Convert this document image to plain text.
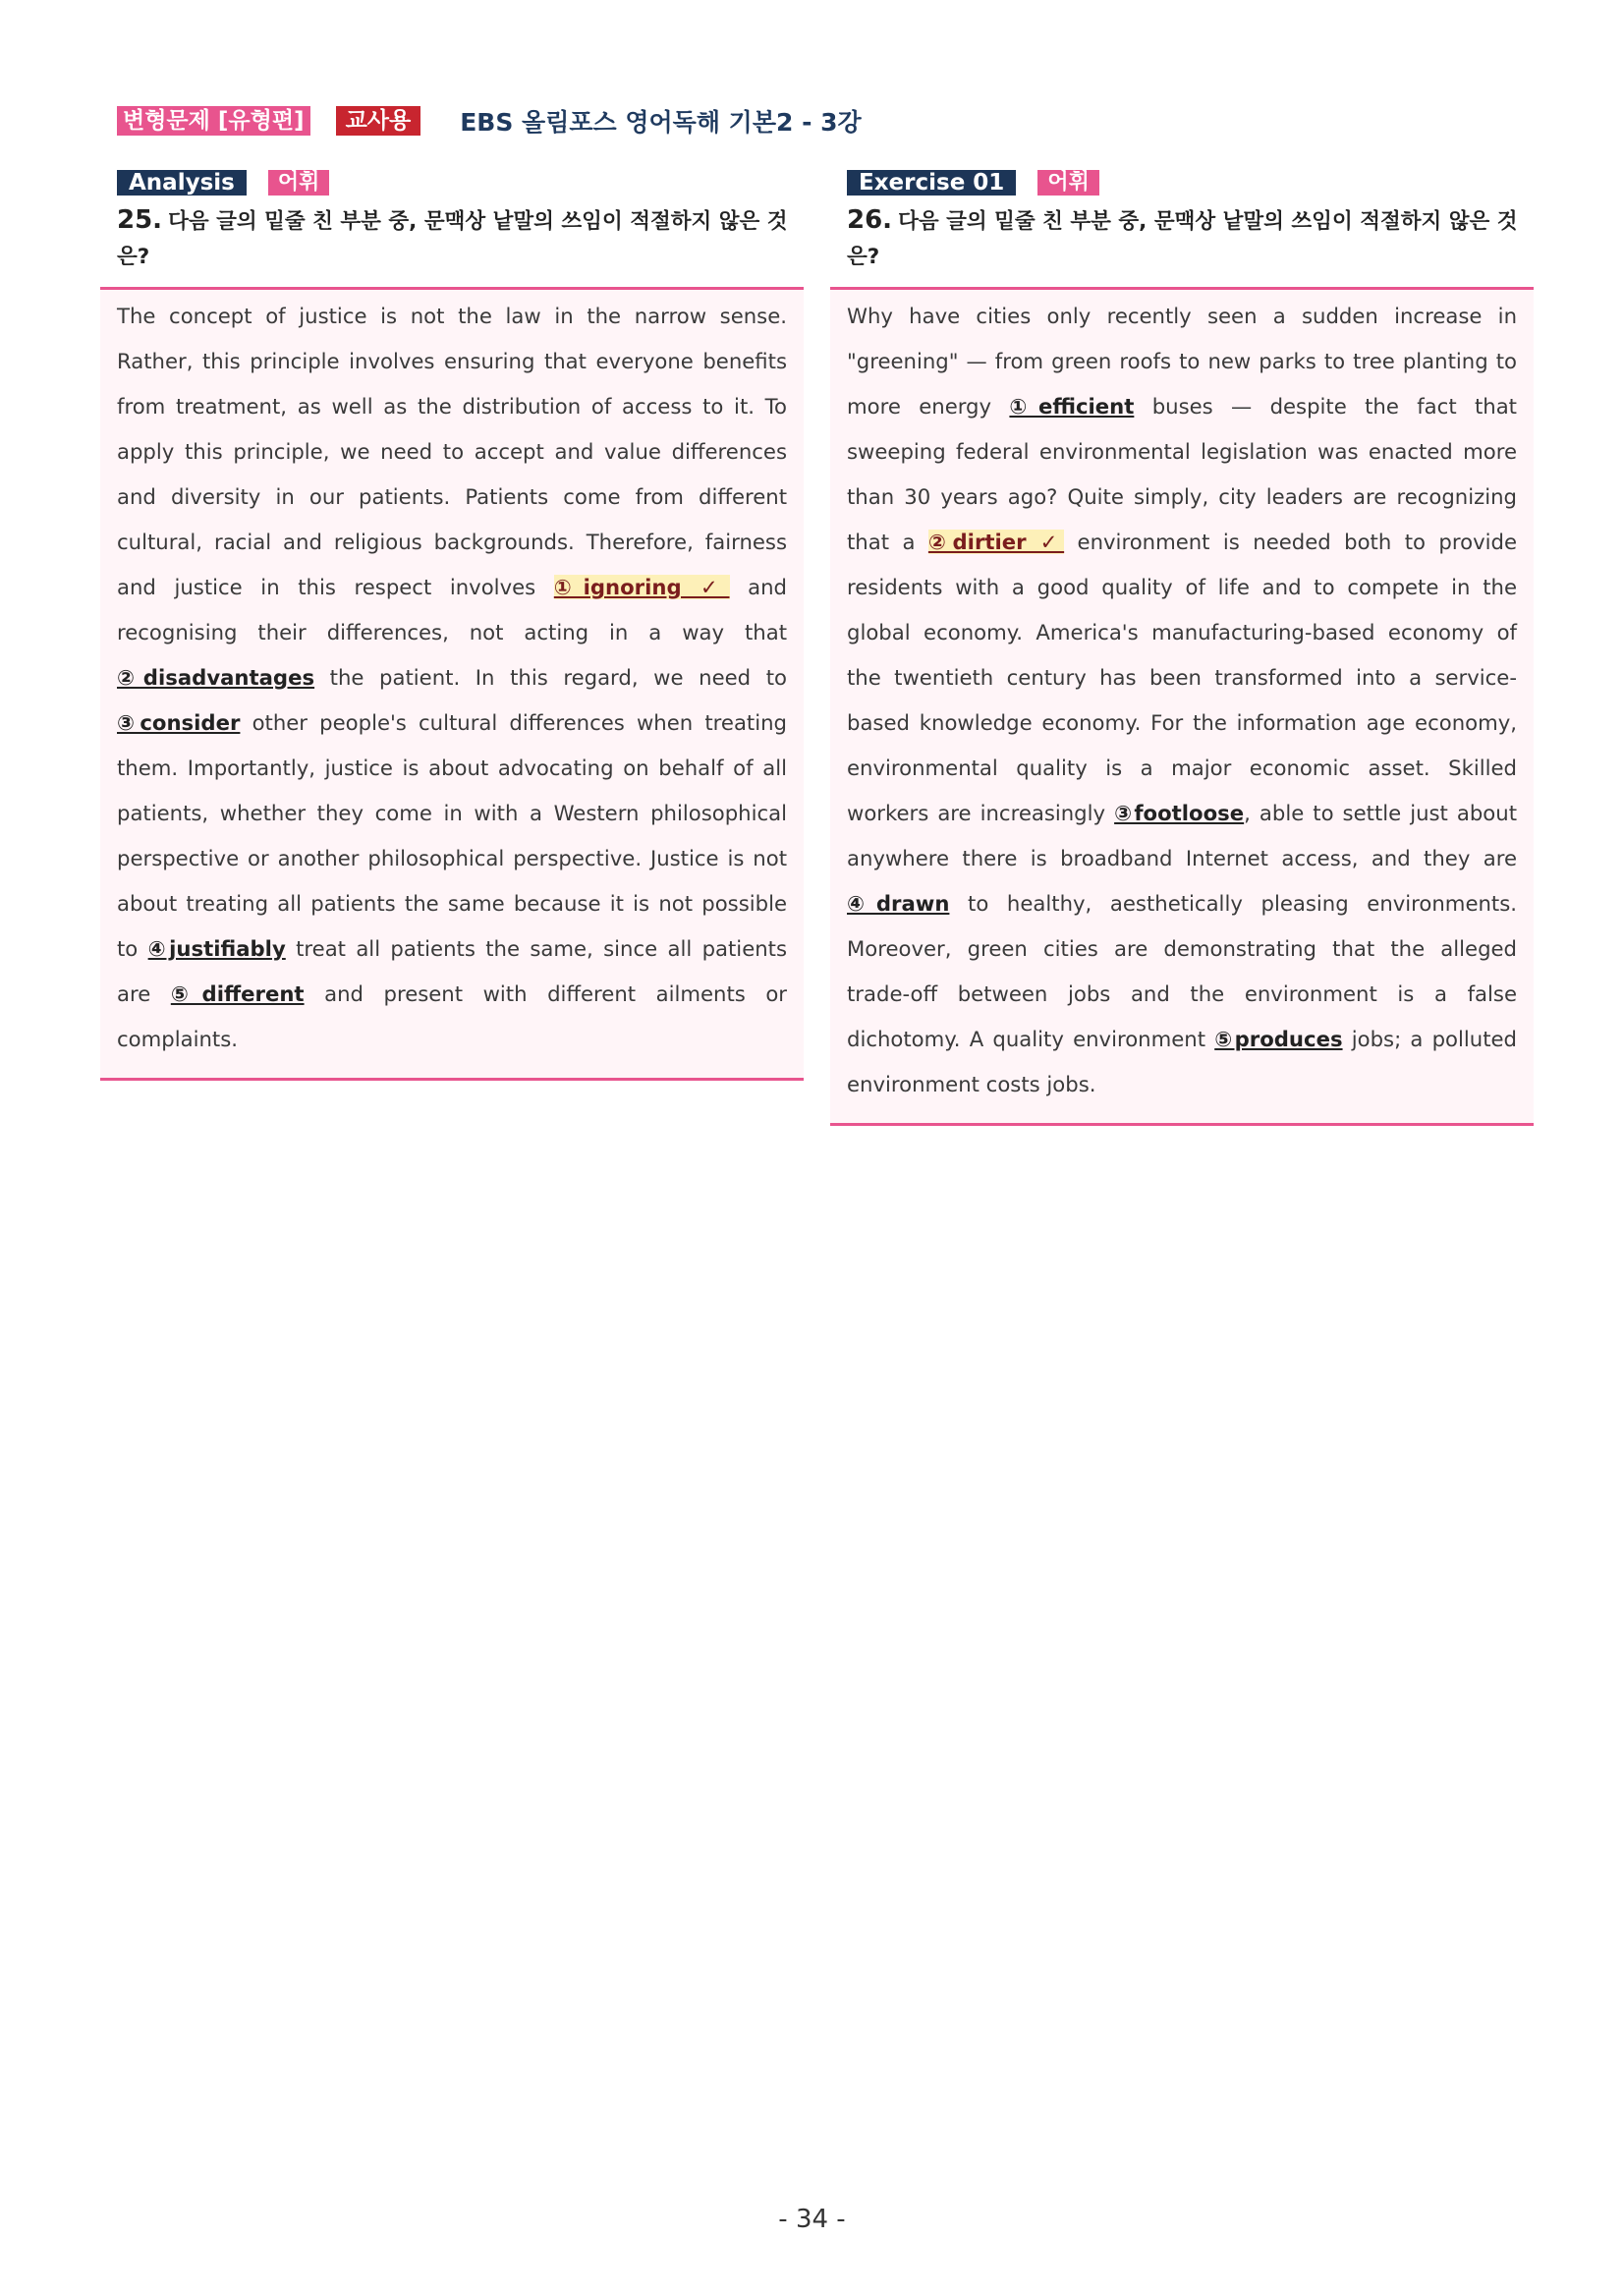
변형문제 [유형편]	교사용	EBS 올림포스 영어독해 기본2 - 3강
Analysis	어휘
25. 다음 글의 밑줄 친 부분 중, 문맥상 낱말의 쓰임이 적절하지 않은 것은?
The concept of justice is not the law in the narrow sense. Rather, this principle involves ensuring that everyone benefits from treatment, as well as the distribution of access to it. To apply this principle, we need to accept and value differences and diversity in our patients. Patients come from different cultural, racial and religious backgrounds. Therefore, fairness and justice in this respect involves ①ignoring ✓ and recognising their differences, not acting in a way that ②disadvantages the patient. In this regard, we need to ③consider other people's cultural differences when treating them. Importantly, justice is about advocating on behalf of all patients, whether they come in with a Western philosophical perspective or another philosophical perspective. Justice is not about treating all patients the same because it is not possible to ④justifiably treat all patients the same, since all patients are ⑤different and present with different ailments or complaints.
Exercise 01	어휘
26. 다음 글의 밑줄 친 부분 중, 문맥상 낱말의 쓰임이 적절하지 않은 것은?
Why have cities only recently seen a sudden increase in "greening" — from green roofs to new parks to tree planting to more energy ①efficient buses — despite the fact that sweeping federal environmental legislation was enacted more than 30 years ago? Quite simply, city leaders are recognizing that a ②dirtier ✓ environment is needed both to provide residents with a good quality of life and to compete in the global economy. America's manufacturing-based economy of the twentieth century has been transformed into a service-based knowledge economy. For the information age economy, environmental quality is a major economic asset. Skilled workers are increasingly ③footloose, able to settle just about anywhere there is broadband Internet access, and they are ④drawn to healthy, aesthetically pleasing environments. Moreover, green cities are demonstrating that the alleged trade-off between jobs and the environment is a false dichotomy. A quality environment ⑤produces jobs; a polluted environment costs jobs.
- 34 -
